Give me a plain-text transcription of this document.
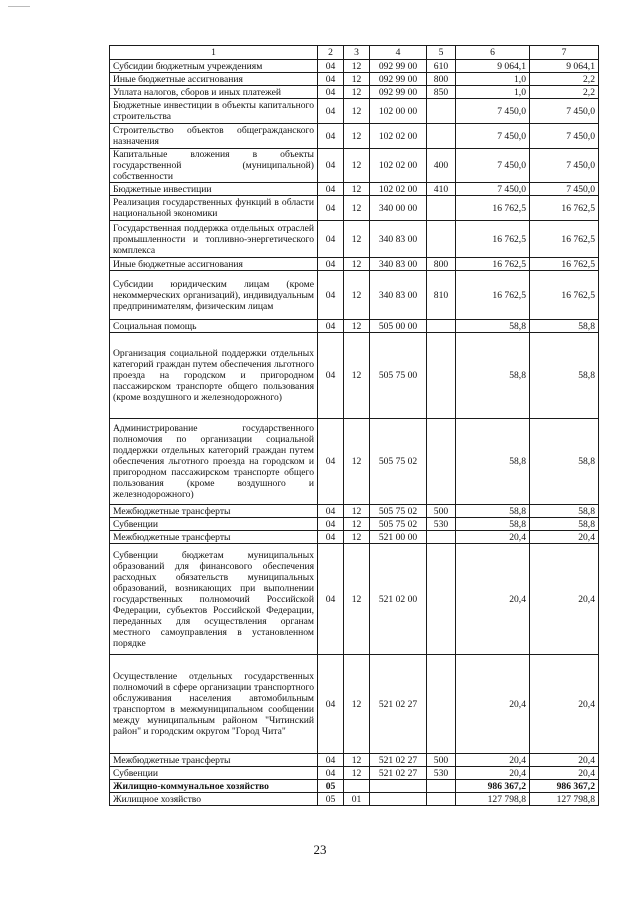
1	2	3	4	5	6	7
Субсидии бюджетным учреждениям	04	12	092 99 00	610	9 064,1	9 064,1
Иные бюджетные ассигнования	04	12	092 99 00	800	1,0	2,2
Уплата налогов, сборов и иных платежей	04	12	092 99 00	850	1,0	2,2
Бюджетные инвестиции в объекты капитального строительства	04	12	102 00 00		7 450,0	7 450,0
Строительство объектов общегражданского назначения	04	12	102 02 00		7 450,0	7 450,0
Капитальные вложения в объекты государственной (муниципальной) собственности	04	12	102 02 00	400	7 450,0	7 450,0
Бюджетные инвестиции	04	12	102 02 00	410	7 450,0	7 450,0
Реализация государственных функций в области национальной экономики	04	12	340 00 00		16 762,5	16 762,5
Государственная поддержка отдельных отраслей промышленности и топливно-энергетического комплекса	04	12	340 83 00		16 762,5	16 762,5
Иные бюджетные ассигнования	04	12	340 83 00	800	16 762,5	16 762,5
Субсидии юридическим лицам (кроме некоммерческих организаций), индивидуальным предпринимателям, физическим лицам	04	12	340 83 00	810	16 762,5	16 762,5
Социальная помощь	04	12	505 00 00		58,8	58,8
Организация социальной поддержки отдельных категорий граждан путем обеспечения льготного проезда на городском и пригородном пассажирском транспорте общего пользования (кроме воздушного и железнодорожного)	04	12	505 75 00		58,8	58,8
Администрирование государственного полномочия по организации социальной поддержки отдельных категорий граждан путем обеспечения льготного проезда на городском и пригородном пассажирском транспорте общего пользования (кроме воздушного и железнодорожного)	04	12	505 75 02		58,8	58,8
Межбюджетные трансферты	04	12	505 75 02	500	58,8	58,8
Субвенции	04	12	505 75 02	530	58,8	58,8
Межбюджетные трансферты	04	12	521 00 00		20,4	20,4
Субвенции бюджетам муниципальных образований для финансового обеспечения расходных обязательств муниципальных образований, возникающих при выполнении государственных полномочий Российской Федерации, субъектов Российской Федерации, переданных для осуществления органам местного самоуправления в установленном порядке	04	12	521 02 00		20,4	20,4
Осуществление отдельных государственных полномочий в сфере организации транспортного обслуживания населения автомобильным транспортом в межмуниципальном сообщении между муниципальным районом "Читинский район" и городским округом "Город Чита"	04	12	521 02 27		20,4	20,4
Межбюджетные трансферты	04	12	521 02 27	500	20,4	20,4
Субвенции	04	12	521 02 27	530	20,4	20,4
Жилищно-коммунальное хозяйство	05				986 367,2	986 367,2
Жилищное хозяйство	05	01			127 798,8	127 798,8
23
